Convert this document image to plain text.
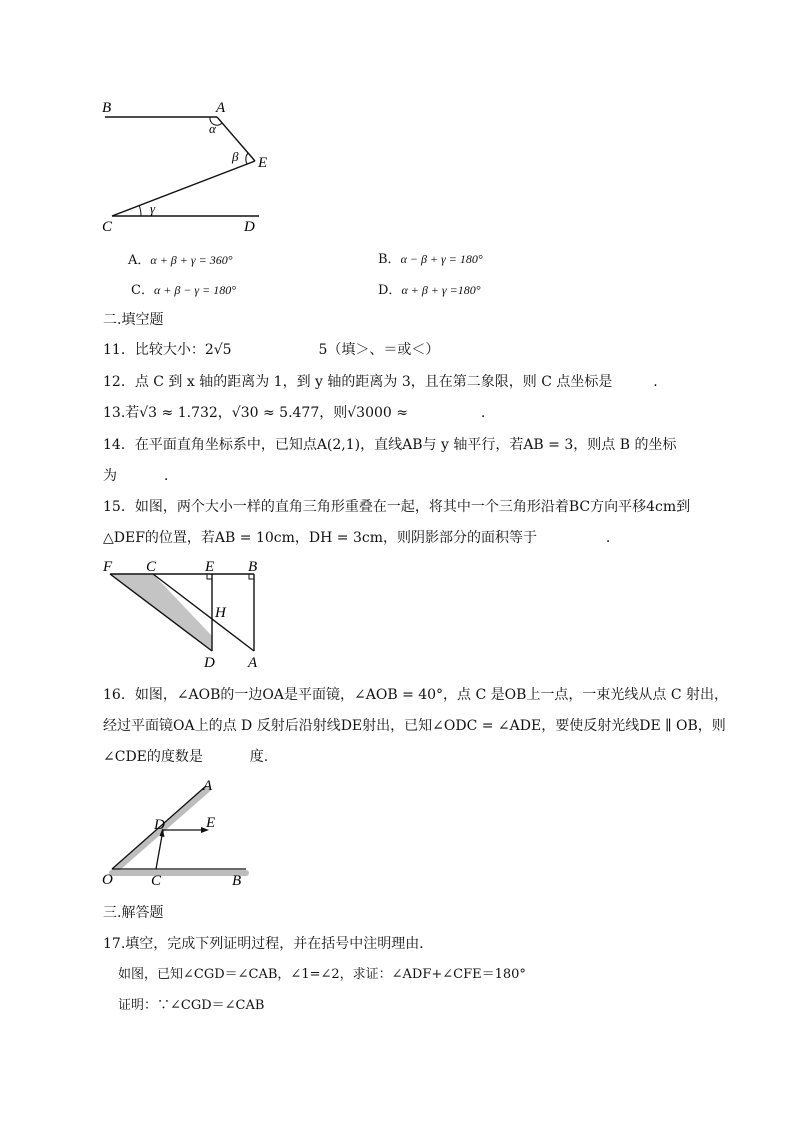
B	A
α
β E
γ
C	D
A．α + β + γ = 360°	B．α − β + γ = 180°
C．α + β − γ = 180°	D．α + β + γ =180°
二.填空题
11．比较大小：2√5	5（填＞、＝或＜）
12．点 C 到 x 轴的距离为 1，到 y 轴的距离为 3，且在第二象限，则 C 点坐标是	.
13.若√3 ≈ 1.732，√30 ≈ 5.477，则√3000 ≈	.
14．在平面直角坐标系中，已知点A(2,1)，直线AB与 y 轴平行，若AB = 3，则点 B 的坐标
为	.
15．如图，两个大小一样的直角三角形重叠在一起，将其中一个三角形沿着BC方向平移4cm到
△DEF的位置，若AB = 10cm，DH = 3cm，则阴影部分的面积等于	.
F C	E B
H
D A
16．如图，∠AOB的一边OA是平面镜，∠AOB = 40°，点 C 是OB上一点，一束光线从点 C 射出，
经过平面镜OA上的点 D 反射后沿射线DE射出，已知∠ODC = ∠ADE，要使反射光线DE ∥ OB，则
∠CDE的度数是	度.
A
D	E
O	C	B
三.解答题
17.填空，完成下列证明过程，并在括号中注明理由．
如图，已知∠CGD＝∠CAB，∠1=∠2，求证：∠ADF+∠CFE＝180°
证明：∵∠CGD＝∠CAB
